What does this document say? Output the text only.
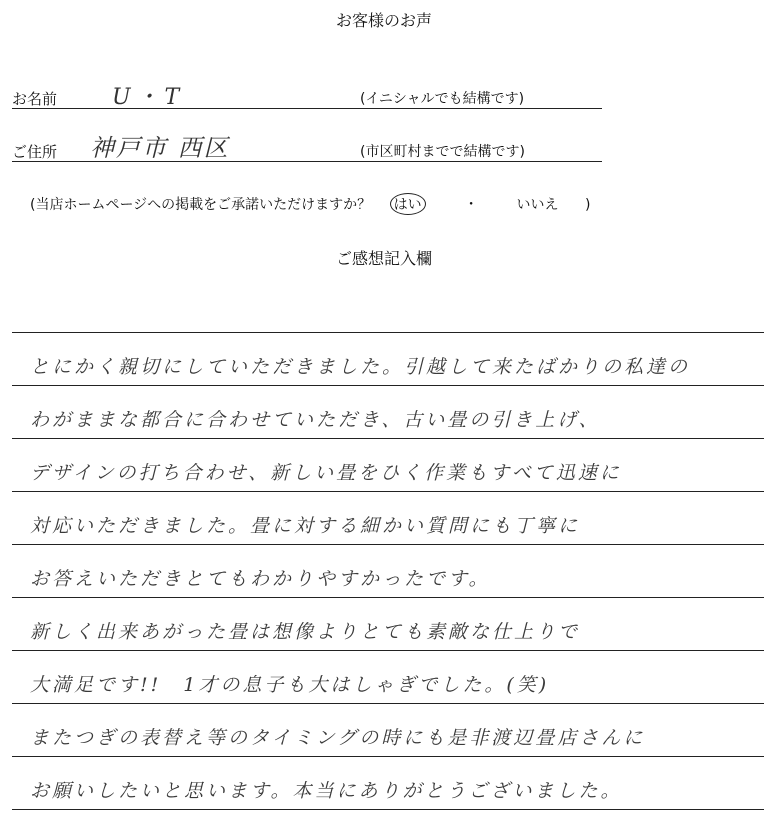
お客様のお声
お名前 U・T	(イニシャルでも結構です)
ご住所 神戸市 西区	(市区町村までで結構です)
(当店ホームページへの掲載をご承諾いただけますか？ はい	・	いいえ )
ご感想記入欄
とにかく親切にしていただきました。引越して来たばかりの私達の
わがままな都合に合わせていただき、古い畳の引き上げ、
デザインの打ち合わせ、新しい畳をひく作業もすべて迅速に
対応いただきました。畳に対する細かい質問にも丁寧に
お答えいただきとてもわかりやすかったです。
新しく出来あがった畳は想像よりとても素敵な仕上りで
大満足です!!　1才の息子も大はしゃぎでした。(笑)
またつぎの表替え等のタイミングの時にも是非渡辺畳店さんに
お願いしたいと思います。本当にありがとうございました。
